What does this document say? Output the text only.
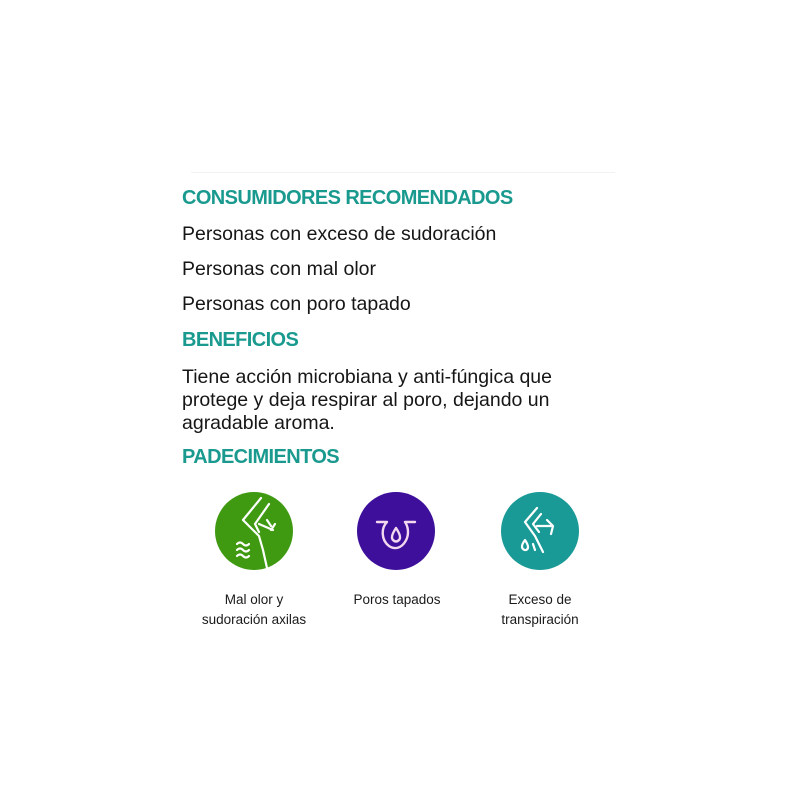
CONSUMIDORES RECOMENDADOS
Personas con exceso de sudoración
Personas con mal olor
Personas con poro tapado
BENEFICIOS
Tiene acción microbiana y anti-fúngica que
protege y deja respirar al poro, dejando un
agradable aroma.
PADECIMIENTOS
Mal olor y
sudoración axilas
Poros tapados	Exceso de
transpiración
